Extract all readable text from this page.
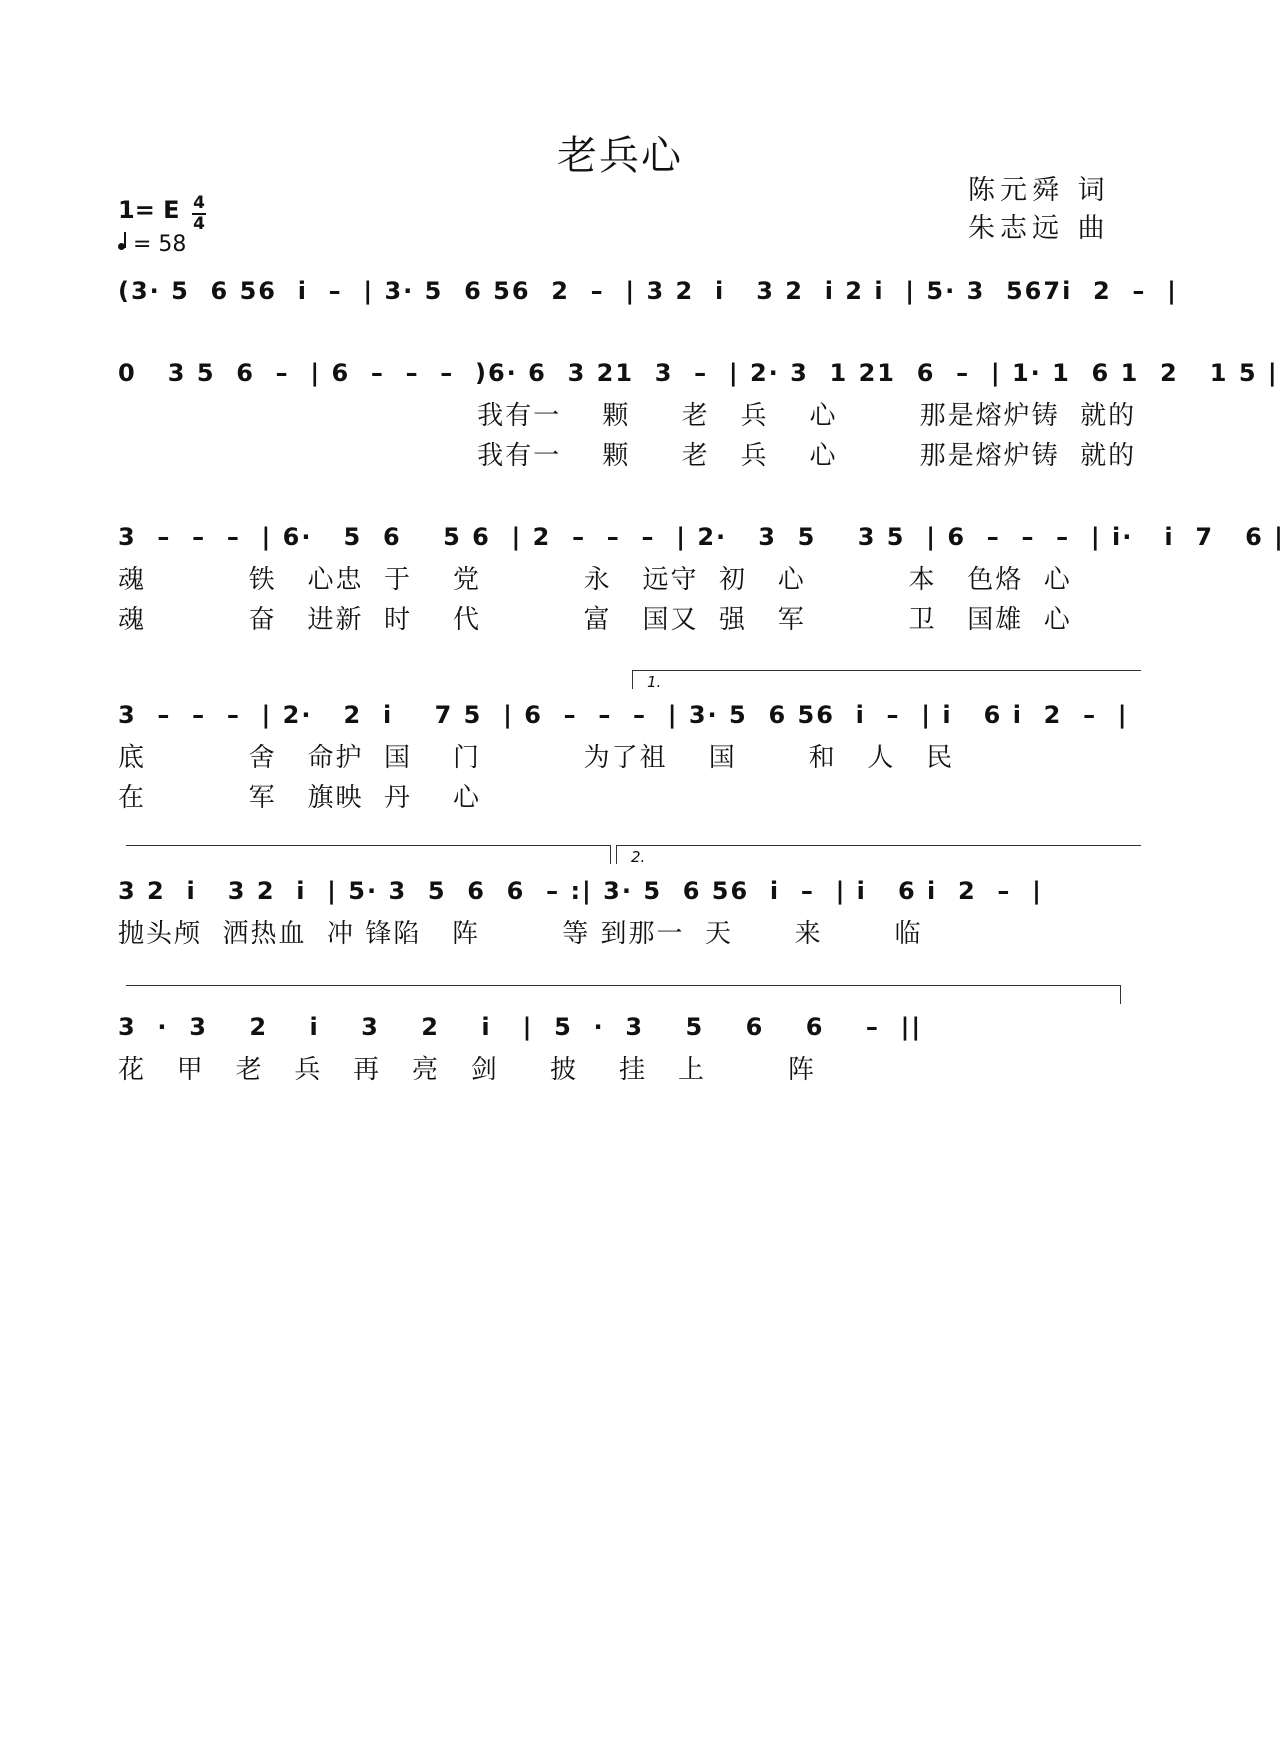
老兵心
陈元舜 词
朱志远 曲
1= E 4
4
= 58
(3· 5  6 56  i  –  | 3· 5  6 56  2  –  | 3 2  i   3 2  i 2 i  | 5· 3  567i  2  –  |
0   3 5  6  –  | 6  –  –  –  )6· 6  3 21  3  –  | 2· 3  1 21  6  –  | 1· 1  6 1  2   1 5 |
我有一    颗     老   兵    心        那是熔炉铸  就的
我有一    颗     老   兵    心        那是熔炉铸  就的
3  –  –  –  | 6·   5  6    5 6  | 2  –  –  –  | 2·   3  5    3 5  | 6  –  –  –  | i·   i  7   6 |
魂          铁   心忠  于    党          永   远守  初   心          本   色烙  心
魂          奋   进新  时    代          富   国又  强   军          卫   国雄  心
1.
3  –  –  –  | 2·   2  i    7 5  | 6  –  –  –  | 3· 5  6 56  i  –  | i   6 i  2  –  |
底          舍   命护  国    门          为了祖    国       和   人   民
在          军   旗映  丹    心
2.
3 2  i   3 2  i  | 5· 3  5  6  6  – :| 3· 5  6 56  i  –  | i   6 i  2  –  |
抛头颅  洒热血  冲 锋陷   阵        等 到那一  天      来       临
3  ·  3    2    i    3    2    i   |  5  ·  3    5    6    6    –  ||
花   甲   老   兵   再   亮   剑     披    挂   上        阵
